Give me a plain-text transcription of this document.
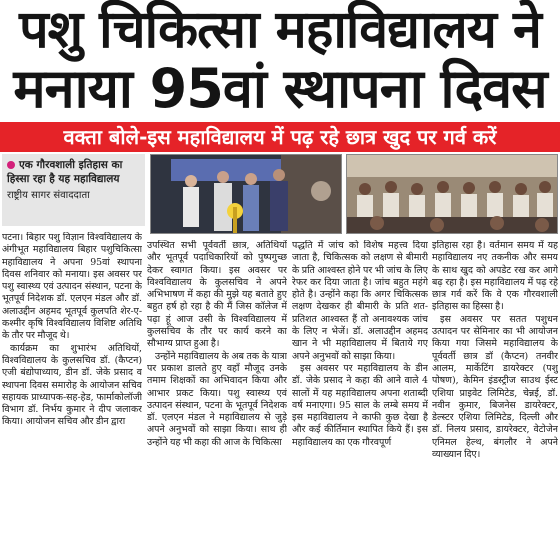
पशु चिकित्सा महाविद्यालय ने
मनाया 95वां स्थापना दिवस
वक्ता बोले-इस महाविद्यालय में पढ़ रहे छात्र खुद पर गर्व करें
एक गौरवशाली इतिहास का हिस्सा रहा है यह महाविद्यालय
राष्ट्रीय सागर संवाददाता

पटना। बिहार पशु विज्ञान विश्वविद्यालय के अंगीभूत महाविद्यालय बिहार पशुचिकित्सा महाविद्यालय ने अपना 95वां स्थापना दिवस शनिवार को मनाया। इस अवसर पर पशु स्वास्थ्य एवं उत्पादन संस्थान, पटना के भूतपूर्व निदेशक डॉ. एलएन मंडल और डॉ. अलाउद्दीन अहमद भूतपूर्व कुलपति शेर-ए-कश्मीर कृषि विश्वविद्यालय विशिष्ट अतिथि के तौर पर मौजूद थे।

कार्यक्रम का शुभारंभ अतिथियों, विश्वविद्यालय के कुलसचिव डॉ. (कैप्टन) एजी बंद्योपाध्याय, डीन डॉ. जेके प्रसाद व स्थापना दिवस समारोह के आयोजन सचिव सहायक प्राध्यापक-सह-हेड, फार्माकोलॉजी विभाग डॉ. निर्भय कुमार ने दीप जलाकर किया। आयोजन सचिव और डीन द्वारा

उपस्थित सभी पूर्ववर्ती छात्र, अतिथियों और भूतपूर्व पदाधिकारियों को पुष्पगुच्छ देकर स्वागत किया। इस अवसर पर विश्वविद्यालय के कुलसचिव ने अपने अभिभाषण में कहा की मुझे यह बताते हुए बहुत हर्ष हो रहा है की मैं जिस कॉलेज में पढ़ा हूं आज उसी के विश्वविद्यालय में कुलसचिव के तौर पर कार्य करने का सौभाग्य प्राप्त हुआ है।

उन्होंने महाविद्यालय के अब तक के यात्रा पर प्रकाश डालते हुए वहाँ मौजूद उनके तमाम शिक्षकों का अभिवादन किया और आभार प्रकट किया। पशु स्वास्थ्य एवं उत्पादन संस्थान, पटना के भूतपूर्व निदेशक डॉ. एलएन मंडल ने महाविद्यालय से जुड़े अपने अनुभवों को साझा किया। साथ ही उन्होंने यह भी कहा की आज के चिकित्सा

पद्धति में जांच को विशेष महत्त्व दिया जाता है, चिकित्सक को लक्षण से बीमारी के प्रति आश्वस्त होने पर भी जांच के लिए रेफर कर दिया जाता है। जांच बहुत महंगे होते है। उन्होंने कहा कि अगर चिकित्सक लक्षण देखकर ही बीमारी के प्रति शत-प्रतिशत आश्वस्त हैं तो अनावश्यक जांच के लिए न भेजें। डॉ. अलाउद्दीन अहमद खान ने भी महाविद्यालय में बिताये गए अपने अनुभवों को साझा किया।

इस अवसर पर महाविद्यालय के डीन डॉ. जेके प्रसाद ने कहा की आने वाले 4 सालों में यह महाविद्यालय अपना शताब्दी वर्ष मनाएगा। 95 साल के लम्बे समय में इस महाविद्यालय ने काफी कुछ देखा है और कई कीर्तिमान स्थापित किये हैं। इस महाविद्यालय का एक गौरवपूर्ण

इतिहास रहा है। वर्तमान समय में यह महाविद्यालय नए तकनीक और समय के साथ खुद को अपडेट रख कर आगे बढ़ रहा है। इस महाविद्यालय में पढ़ रहे छात्र गर्व करें कि वे एक गौरवशाली इतिहास का हिस्सा है।

इस अवसर पर सतत पशुधन उत्पादन पर सेमिनार का भी आयोजन किया गया जिसमे महाविद्यालय के पूर्ववर्ती छात्र डॉ (कैप्टन) तनवीर आलम, मार्केटिंग डायरेक्टर (पशु पोषण), केमिन इंडस्ट्रीज साउथ ईस्ट एशिया प्राइवेट लिमिटेड, चेन्नई, डॉ. नवीन कुमार, बिजनेस डायरेक्टर, डेल्स्टर एशिया लिमिटेड, दिल्ली और डॉ. निलय प्रसाद, डायरेक्टर, वेटोजेन एनिमल हेल्थ, बंगलौर ने अपने व्याख्यान दिए।
